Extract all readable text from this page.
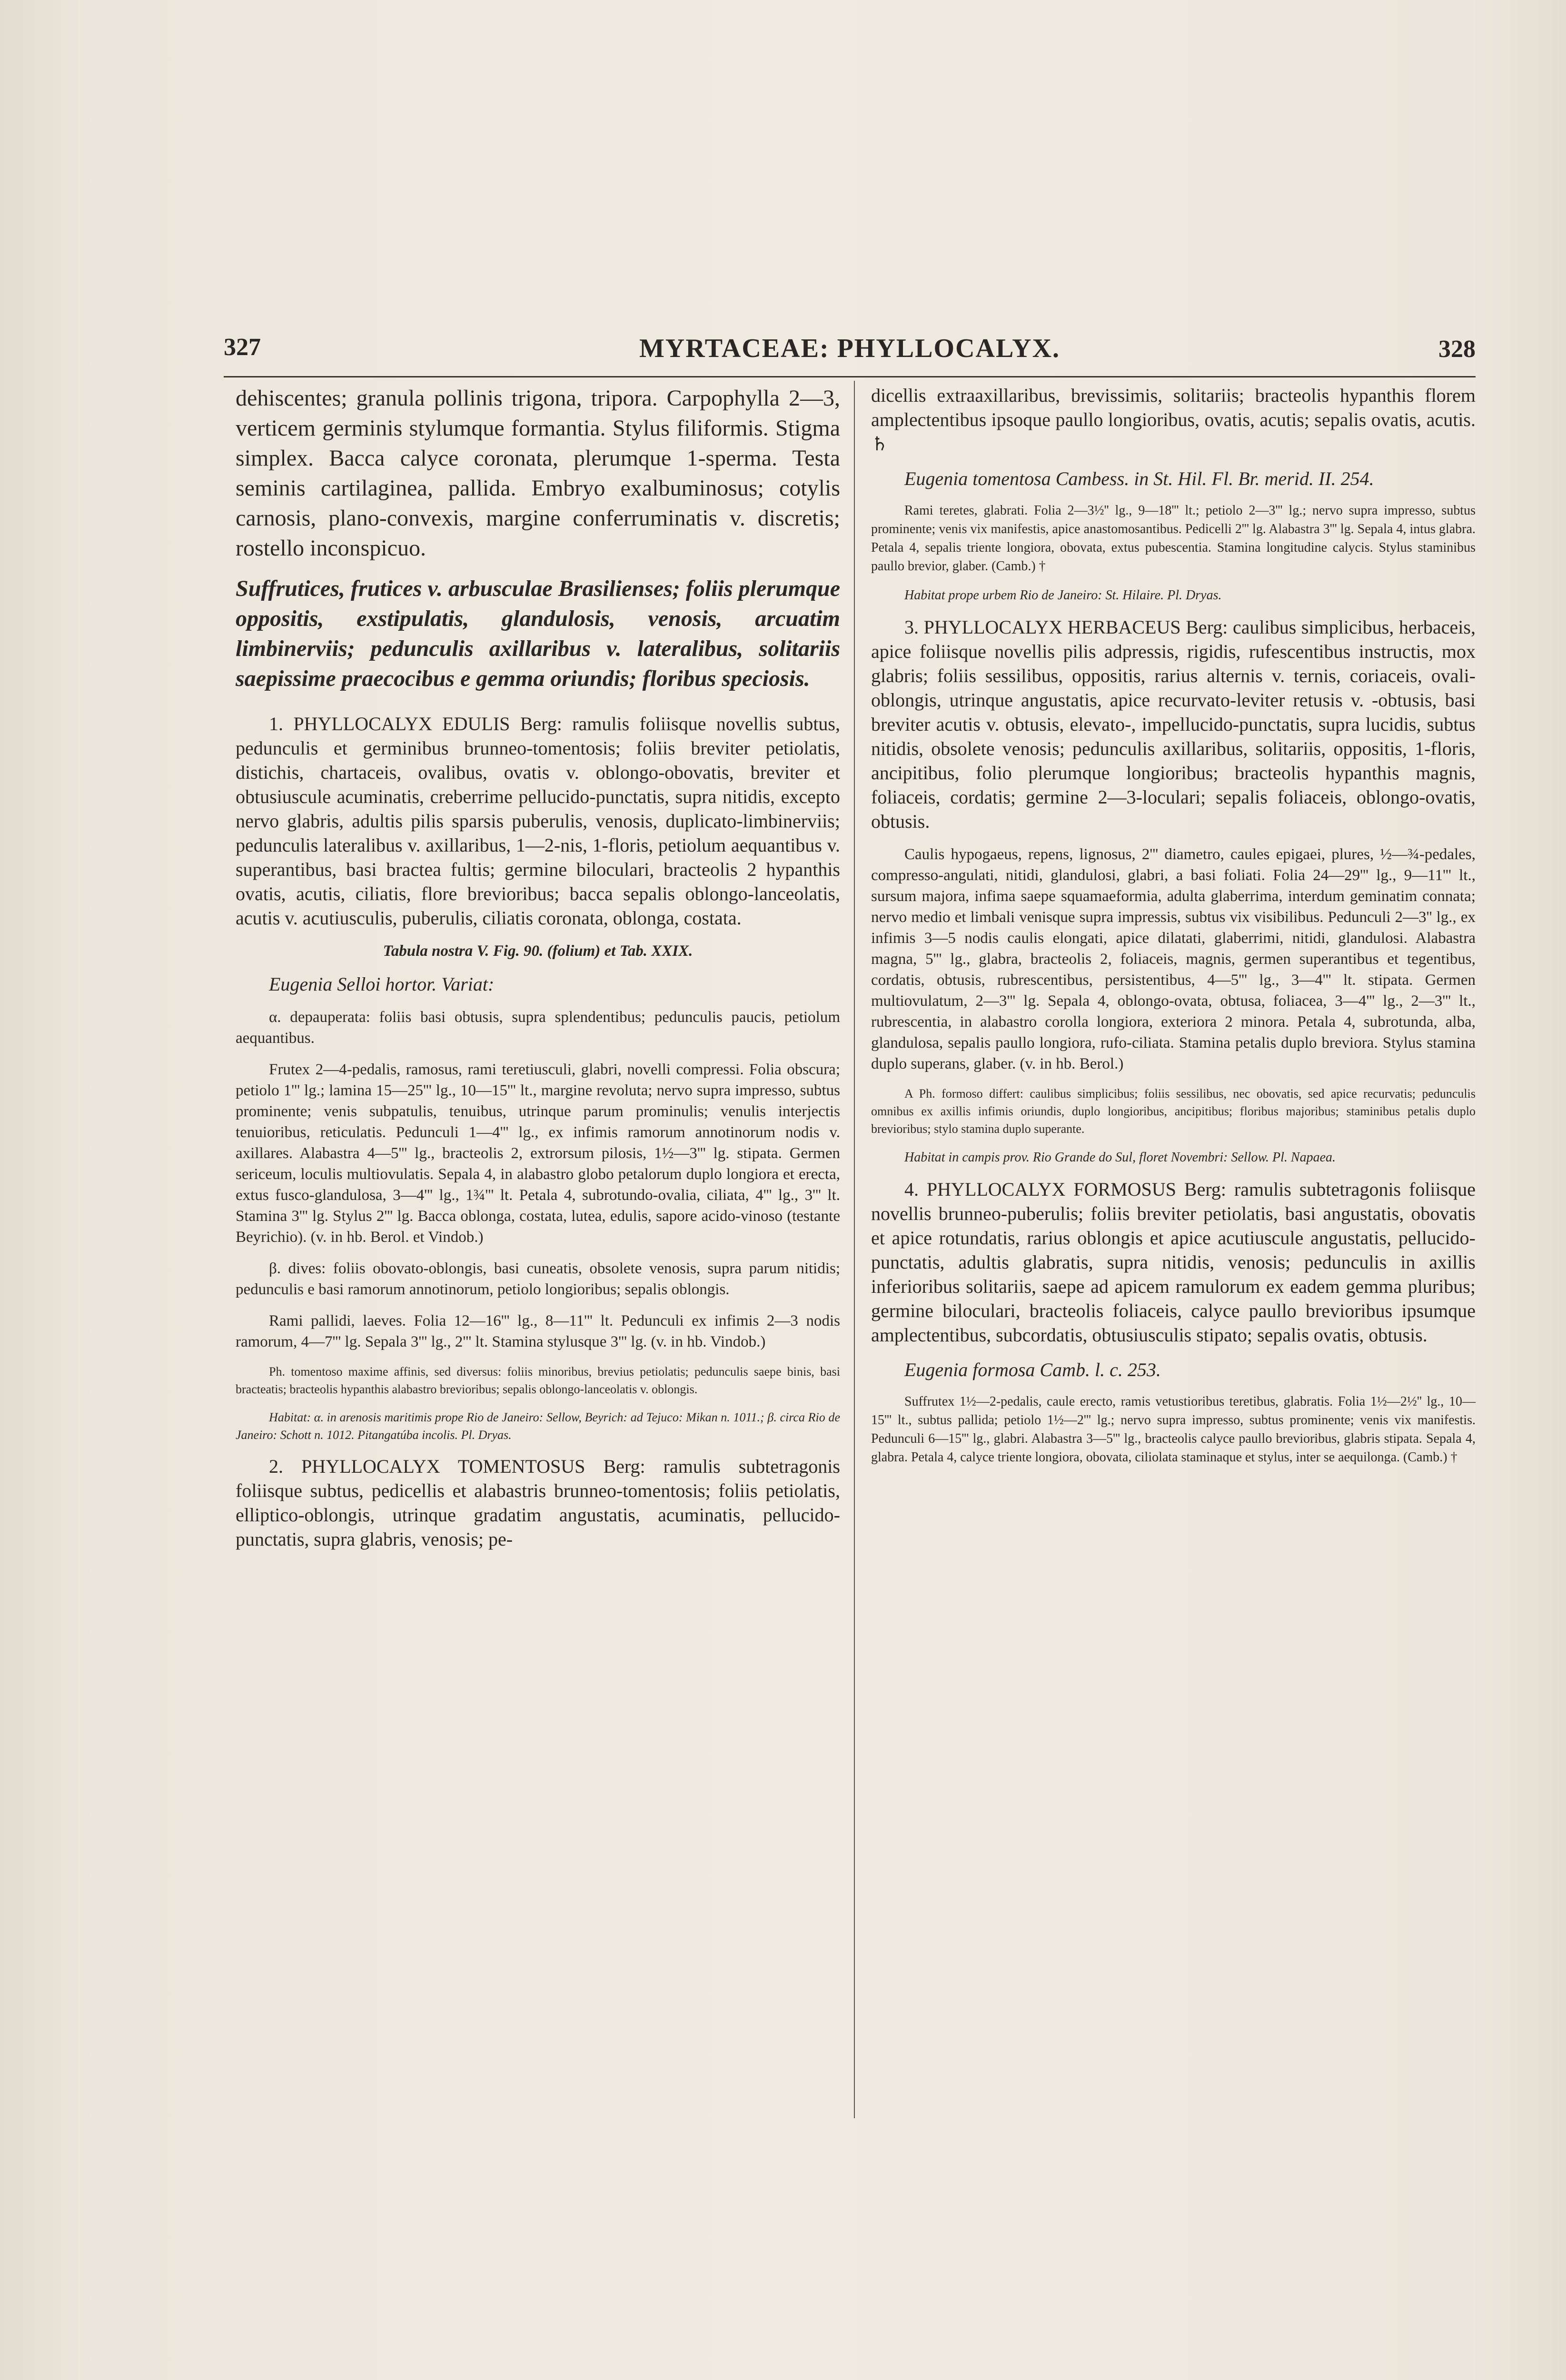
327	MYRTACEAE: PHYLLOCALYX.	328

dehiscentes; granula pollinis trigona, tripora. Carpophylla 2—3, verticem germinis stylumque formantia. Stylus filiformis. Stigma simplex. Bacca calyce coronata, plerumque 1-sperma. Testa seminis cartilaginea, pallida. Embryo exalbuminosus; cotylis carnosis, plano-convexis, margine conferruminatis v. discretis; rostello inconspicuo.

Suffrutices, frutices v. arbusculae Brasilienses; foliis plerumque oppositis, exstipulatis, glandulosis, venosis, arcuatim limbinerviis; pedunculis axillaribus v. lateralibus, solitariis saepissime praecocibus e gemma oriundis; floribus speciosis.

1. PHYLLOCALYX EDULIS Berg: ramulis foliisque novellis subtus, pedunculis et germinibus brunneo-tomentosis; foliis breviter petiolatis, distichis, chartaceis, ovalibus, ovatis v. oblongo-obovatis, breviter et obtusiuscule acuminatis, creberrime pellucido-punctatis, supra nitidis, excepto nervo glabris, adultis pilis sparsis puberulis, venosis, duplicato-limbinerviis; pedunculis lateralibus v. axillaribus, 1—2-nis, 1-floris, petiolum aequantibus v. superantibus, basi bractea fultis; germine biloculari, bracteolis 2 hypanthis ovatis, acutis, ciliatis, flore brevioribus; bacca sepalis oblongo-lanceolatis, acutis v. acutiusculis, puberulis, ciliatis coronata, oblonga, costata.

Tabula nostra V. Fig. 90. (folium) et Tab. XXIX.

Eugenia Selloi hortor. Variat:

α. depauperata: foliis basi obtusis, supra splendentibus; pedunculis paucis, petiolum aequantibus.

Frutex 2—4-pedalis, ramosus, rami teretiusculi, glabri, novelli compressi. Folia obscura; petiolo 1''' lg.; lamina 15—25''' lg., 10—15''' lt., margine revoluta; nervo supra impresso, subtus prominente; venis subpatulis, tenuibus, utrinque parum prominulis; venulis interjectis tenuioribus, reticulatis. Pedunculi 1—4''' lg., ex infimis ramorum annotinorum nodis v. axillares. Alabastra 4—5''' lg., bracteolis 2, extrorsum pilosis, 1½—3''' lg. stipata. Germen sericeum, loculis multiovulatis. Sepala 4, in alabastro globo petalorum duplo longiora et erecta, extus fusco-glandulosa, 3—4''' lg., 1¾''' lt. Petala 4, subrotundo-ovalia, ciliata, 4''' lg., 3''' lt. Stamina 3''' lg. Stylus 2''' lg. Bacca oblonga, costata, lutea, edulis, sapore acido-vinoso (testante Beyrichio). (v. in hb. Berol. et Vindob.)

β. dives: foliis obovato-oblongis, basi cuneatis, obsolete venosis, supra parum nitidis; pedunculis e basi ramorum annotinorum, petiolo longioribus; sepalis oblongis.

Rami pallidi, laeves. Folia 12—16''' lg., 8—11''' lt. Pedunculi ex infimis 2—3 nodis ramorum, 4—7''' lg. Sepala 3''' lg., 2''' lt. Stamina stylusque 3''' lg. (v. in hb. Vindob.)

Ph. tomentoso maxime affinis, sed diversus: foliis minoribus, brevius petiolatis; pedunculis saepe binis, basi bracteatis; bracteolis hypanthis alabastro brevioribus; sepalis oblongo-lanceolatis v. oblongis.

Habitat: α. in arenosis maritimis prope Rio de Janeiro: Sellow, Beyrich: ad Tejuco: Mikan n. 1011.; β. circa Rio de Janeiro: Schott n. 1012. Pitangatúba incolis. Pl. Dryas.

2. PHYLLOCALYX TOMENTOSUS Berg: ramulis subtetragonis foliisque subtus, pedicellis et alabastris brunneo-tomentosis; foliis petiolatis, elliptico-oblongis, utrinque gradatim angustatis, acuminatis, pellucido-punctatis, supra glabris, venosis; pe-

dicellis extraaxillaribus, brevissimis, solitariis; bracteolis hypanthis florem amplectentibus ipsoque paullo longioribus, ovatis, acutis; sepalis ovatis, acutis. ♄

Eugenia tomentosa Cambess. in St. Hil. Fl. Br. merid. II. 254.

Rami teretes, glabrati. Folia 2—3½'' lg., 9—18''' lt.; petiolo 2—3''' lg.; nervo supra impresso, subtus prominente; venis vix manifestis, apice anastomosantibus. Pedicelli 2''' lg. Alabastra 3''' lg. Sepala 4, intus glabra. Petala 4, sepalis triente longiora, obovata, extus pubescentia. Stamina longitudine calycis. Stylus staminibus paullo brevior, glaber. (Camb.) †

Habitat prope urbem Rio de Janeiro: St. Hilaire. Pl. Dryas.

3. PHYLLOCALYX HERBACEUS Berg: caulibus simplicibus, herbaceis, apice foliisque novellis pilis adpressis, rigidis, rufescentibus instructis, mox glabris; foliis sessilibus, oppositis, rarius alternis v. ternis, coriaceis, ovali-oblongis, utrinque angustatis, apice recurvato-leviter retusis v. -obtusis, basi breviter acutis v. obtusis, elevato-, impellucido-punctatis, supra lucidis, subtus nitidis, obsolete venosis; pedunculis axillaribus, solitariis, oppositis, 1-floris, ancipitibus, folio plerumque longioribus; bracteolis hypanthis magnis, foliaceis, cordatis; germine 2—3-loculari; sepalis foliaceis, oblongo-ovatis, obtusis.

Caulis hypogaeus, repens, lignosus, 2''' diametro, caules epigaei, plures, ½—¾-pedales, compresso-angulati, nitidi, glandulosi, glabri, a basi foliati. Folia 24—29''' lg., 9—11''' lt., sursum majora, infima saepe squamaeformia, adulta glaberrima, interdum geminatim connata; nervo medio et limbali venisque supra impressis, subtus vix visibilibus. Pedunculi 2—3'' lg., ex infimis 3—5 nodis caulis elongati, apice dilatati, glaberrimi, nitidi, glandulosi. Alabastra magna, 5''' lg., glabra, bracteolis 2, foliaceis, magnis, germen superantibus et tegentibus, cordatis, obtusis, rubrescentibus, persistentibus, 4—5''' lg., 3—4''' lt. stipata. Germen multiovulatum, 2—3''' lg. Sepala 4, oblongo-ovata, obtusa, foliacea, 3—4''' lg., 2—3''' lt., rubrescentia, in alabastro corolla longiora, exteriora 2 minora. Petala 4, subrotunda, alba, glandulosa, sepalis paullo longiora, rufo-ciliata. Stamina petalis duplo breviora. Stylus stamina duplo superans, glaber. (v. in hb. Berol.)

A Ph. formoso differt: caulibus simplicibus; foliis sessilibus, nec obovatis, sed apice recurvatis; pedunculis omnibus ex axillis infimis oriundis, duplo longioribus, ancipitibus; floribus majoribus; staminibus petalis duplo brevioribus; stylo stamina duplo superante.

Habitat in campis prov. Rio Grande do Sul, floret Novembri: Sellow. Pl. Napaea.

4. PHYLLOCALYX FORMOSUS Berg: ramulis subtetragonis foliisque novellis brunneo-puberulis; foliis breviter petiolatis, basi angustatis, obovatis et apice rotundatis, rarius oblongis et apice acutiuscule angustatis, pellucido-punctatis, adultis glabratis, supra nitidis, venosis; pedunculis in axillis inferioribus solitariis, saepe ad apicem ramulorum ex eadem gemma pluribus; germine biloculari, bracteolis foliaceis, calyce paullo brevioribus ipsumque amplectentibus, subcordatis, obtusiusculis stipato; sepalis ovatis, obtusis.

Eugenia formosa Camb. l. c. 253.

Suffrutex 1½—2-pedalis, caule erecto, ramis vetustioribus teretibus, glabratis. Folia 1½—2½'' lg., 10—15''' lt., subtus pallida; petiolo 1½—2''' lg.; nervo supra impresso, subtus prominente; venis vix manifestis. Pedunculi 6—15''' lg., glabri. Alabastra 3—5''' lg., bracteolis calyce paullo brevioribus, glabris stipata. Sepala 4, glabra. Petala 4, calyce triente longiora, obovata, ciliolata staminaque et stylus, inter se aequilonga. (Camb.) †
